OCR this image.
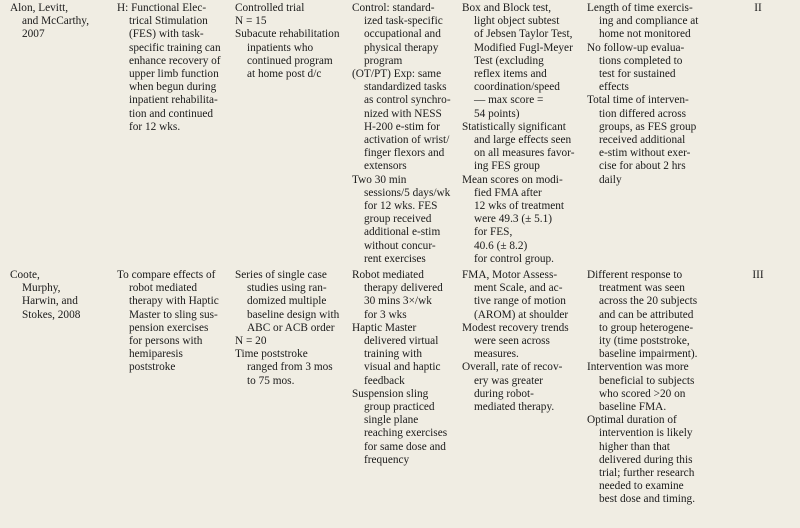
Alon, Levitt,
and McCarthy,
2007
H: Functional Elec-
trical Stimulation
(FES) with task-
specific training can
enhance recovery of
upper limb function
when begun during
inpatient rehabilita-
tion and continued
for 12 wks.
Controlled trial
N = 15
Subacute rehabilitation
inpatients who
continued program
at home post d/c
Control: standard-
ized task-specific
occupational and
physical therapy
program
(OT/PT) Exp: same
standardized tasks
as control synchro-
nized with NESS
H-200 e-stim for
activation of wrist/
finger flexors and
extensors
Two 30 min
sessions/5 days/wk
for 12 wks. FES
group received
additional e-stim
without concur-
rent exercises
Box and Block test,
light object subtest
of Jebsen Taylor Test,
Modified Fugl-Meyer
Test (excluding
reflex items and
coordination/speed
— max score =
54 points)
Statistically significant
and large effects seen
on all measures favor-
ing FES group
Mean scores on modi-
fied FMA after
12 wks of treatment
were 49.3 (± 5.1)
for FES,
40.6 (± 8.2)
for control group.
Length of time exercis-
ing and compliance at
home not monitored
No follow-up evalua-
tions completed to
test for sustained
effects
Total time of interven-
tion differed across
groups, as FES group
received additional
e-stim without exer-
cise for about 2 hrs
daily
II
Coote,
Murphy,
Harwin, and
Stokes, 2008
To compare effects of
robot mediated
therapy with Haptic
Master to sling sus-
pension exercises
for persons with
hemiparesis
poststroke
Series of single case
studies using ran-
domized multiple
baseline design with
ABC or ACB order
N = 20
Time poststroke
ranged from 3 mos
to 75 mos.
Robot mediated
therapy delivered
30 mins 3×/wk
for 3 wks
Haptic Master
delivered virtual
training with
visual and haptic
feedback
Suspension sling
group practiced
single plane
reaching exercises
for same dose and
frequency
FMA, Motor Assess-
ment Scale, and ac-
tive range of motion
(AROM) at shoulder
Modest recovery trends
were seen across
measures.
Overall, rate of recov-
ery was greater
during robot-
mediated therapy.
Different response to
treatment was seen
across the 20 subjects
and can be attributed
to group heterogene-
ity (time poststroke,
baseline impairment).
Intervention was more
beneficial to subjects
who scored >20 on
baseline FMA.
Optimal duration of
intervention is likely
higher than that
delivered during this
trial; further research
needed to examine
best dose and timing.
III
